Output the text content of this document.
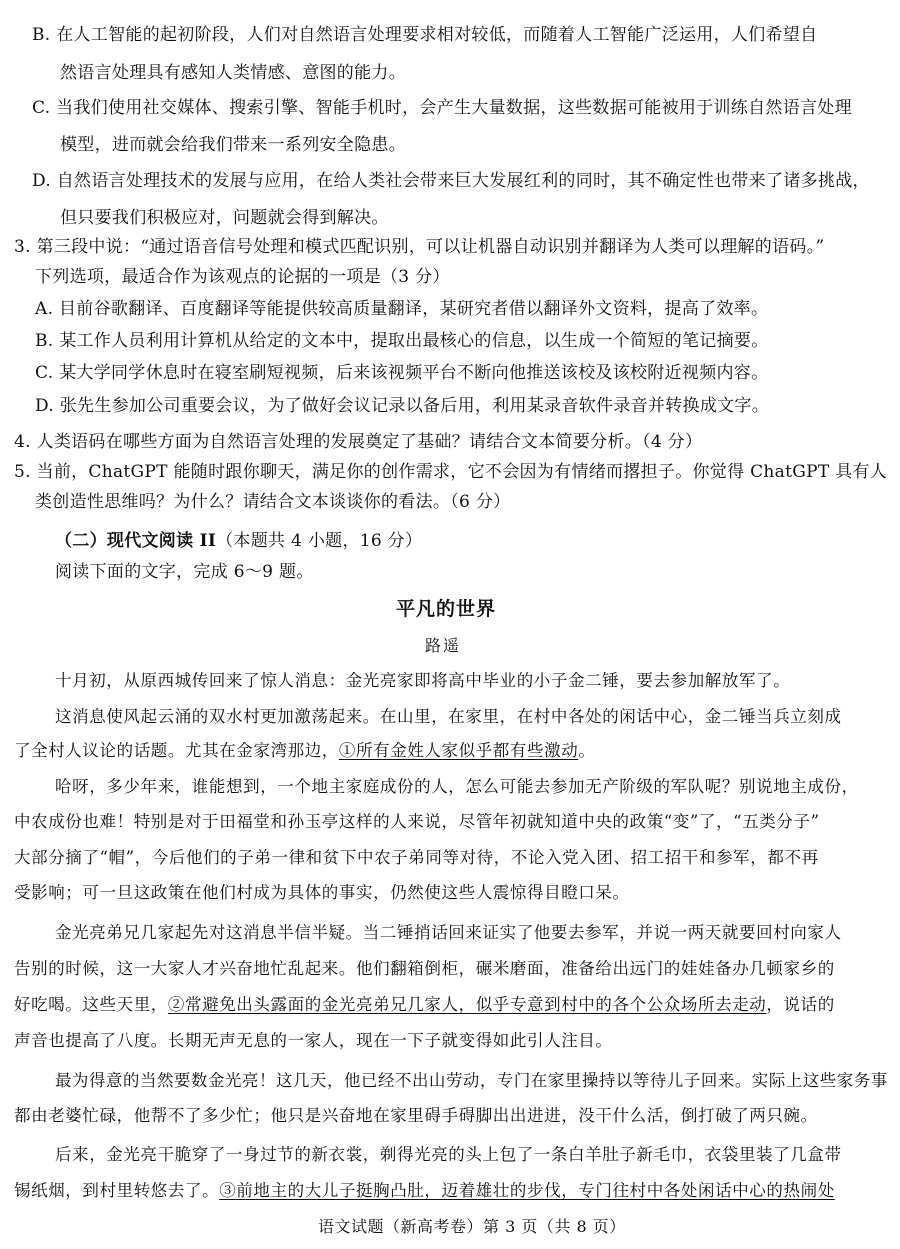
B. 在人工智能的起初阶段，人们对自然语言处理要求相对较低，而随着人工智能广泛运用，人们希望自
然语言处理具有感知人类情感、意图的能力。
C. 当我们使用社交媒体、搜索引擎、智能手机时，会产生大量数据，这些数据可能被用于训练自然语言处理
模型，进而就会给我们带来一系列安全隐患。
D. 自然语言处理技术的发展与应用，在给人类社会带来巨大发展红利的同时，其不确定性也带来了诸多挑战，
但只要我们积极应对，问题就会得到解决。
3. 第三段中说：“通过语音信号处理和模式匹配识别，可以让机器自动识别并翻译为人类可以理解的语码。”
下列选项，最适合作为该观点的论据的一项是（3 分）
A. 目前谷歌翻译、百度翻译等能提供较高质量翻译，某研究者借以翻译外文资料，提高了效率。
B. 某工作人员利用计算机从给定的文本中，提取出最核心的信息，以生成一个简短的笔记摘要。
C. 某大学同学休息时在寝室刷短视频，后来该视频平台不断向他推送该校及该校附近视频内容。
D. 张先生参加公司重要会议，为了做好会议记录以备后用，利用某录音软件录音并转换成文字。
4. 人类语码在哪些方面为自然语言处理的发展奠定了基础？请结合文本简要分析。（4 分）
5. 当前，ChatGPT 能随时跟你聊天，满足你的创作需求，它不会因为有情绪而撂担子。你觉得 ChatGPT 具有人
类创造性思维吗？为什么？请结合文本谈谈你的看法。（6 分）
（二）现代文阅读 II（本题共 4 小题，16 分）
阅读下面的文字，完成 6～9 题。
平凡的世界
路遥
十月初，从原西城传回来了惊人消息：金光亮家即将高中毕业的小子金二锤，要去参加解放军了。
这消息使风起云涌的双水村更加激荡起来。在山里，在家里，在村中各处的闲话中心，金二锤当兵立刻成
了全村人议论的话题。尤其在金家湾那边，①所有金姓人家似乎都有些激动。
哈呀，多少年来，谁能想到，一个地主家庭成份的人，怎么可能去参加无产阶级的军队呢？别说地主成份，
中农成份也难！特别是对于田福堂和孙玉亭这样的人来说，尽管年初就知道中央的政策“变”了，“五类分子”
大部分摘了“帽”，今后他们的子弟一律和贫下中农子弟同等对待，不论入党入团、招工招干和参军，都不再
受影响；可一旦这政策在他们村成为具体的事实，仍然使这些人震惊得目瞪口呆。
金光亮弟兄几家起先对这消息半信半疑。当二锤捎话回来证实了他要去参军，并说一两天就要回村向家人
告别的时候，这一大家人才兴奋地忙乱起来。他们翻箱倒柜，碾米磨面，准备给出远门的娃娃备办几顿家乡的
好吃喝。这些天里，②常避免出头露面的金光亮弟兄几家人，似乎专意到村中的各个公众场所去走动，说话的
声音也提高了八度。长期无声无息的一家人，现在一下子就变得如此引人注目。
最为得意的当然要数金光亮！这几天，他已经不出山劳动，专门在家里操持以等待儿子回来。实际上这些家务事
都由老婆忙碌，他帮不了多少忙；他只是兴奋地在家里碍手碍脚出出进进，没干什么活，倒打破了两只碗。
后来，金光亮干脆穿了一身过节的新衣裳，剃得光亮的头上包了一条白羊肚子新毛巾，衣袋里装了几盒带
锡纸烟，到村里转悠去了。③前地主的大儿子挺胸凸肚，迈着雄壮的步伐，专门往村中各处闲话中心的热闹处
语文试题（新高考卷）第 3 页（共 8 页）
